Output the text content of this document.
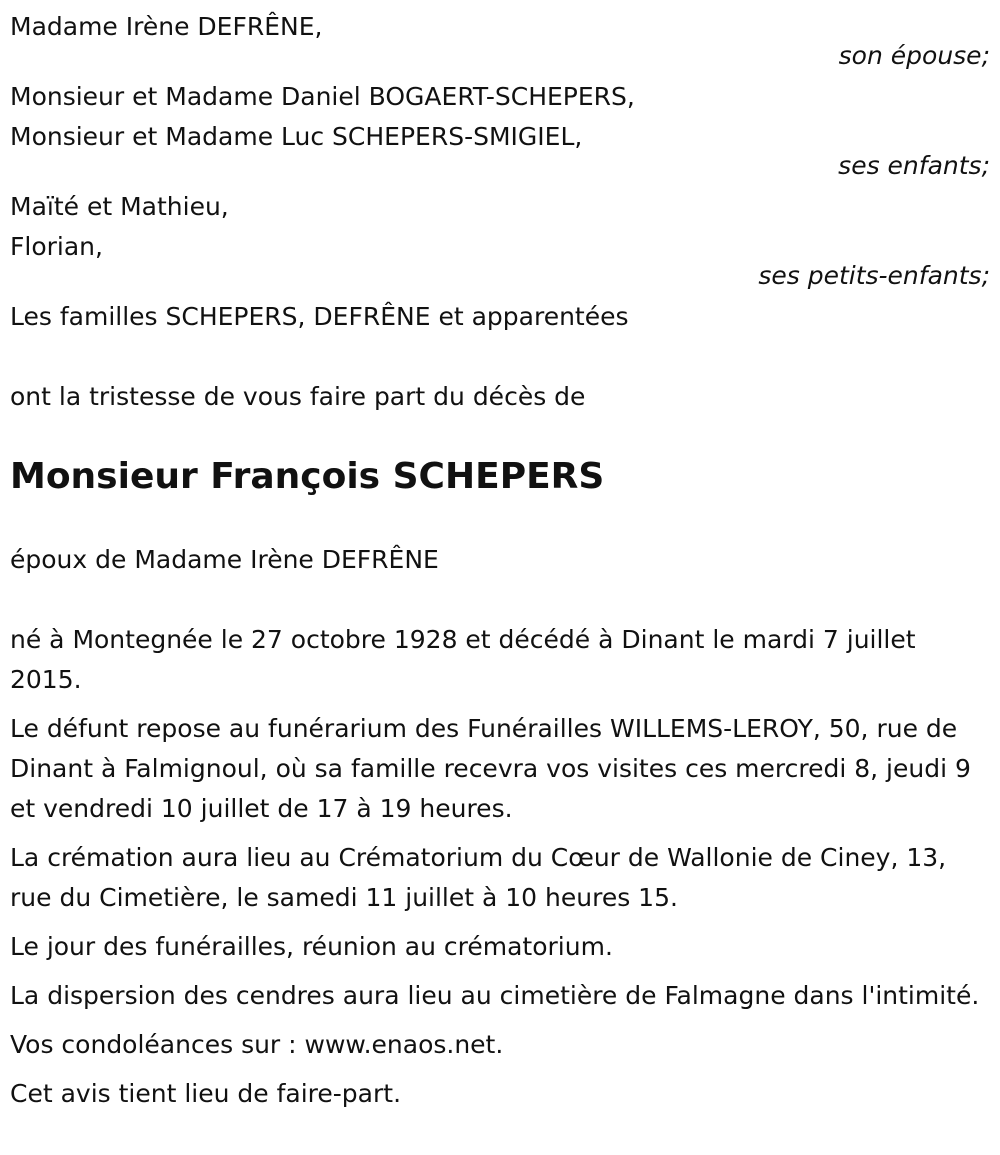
Madame Irène DEFRÊNE,
son épouse;
Monsieur et Madame Daniel BOGAERT-SCHEPERS,
Monsieur et Madame Luc SCHEPERS-SMIGIEL,
ses enfants;
Maïté et Mathieu,
Florian,
ses petits-enfants;
Les familles SCHEPERS, DEFRÊNE et apparentées
ont la tristesse de vous faire part du décès de
Monsieur François SCHEPERS
époux de Madame Irène DEFRÊNE
né à Montegnée le 27 octobre 1928 et décédé à Dinant le mardi 7 juillet 2015.
Le défunt repose au funérarium des Funérailles WILLEMS-LEROY, 50, rue de Dinant à Falmignoul, où sa famille recevra vos visites ces mercredi 8, jeudi 9 et vendredi 10 juillet de 17 à 19 heures.
La crémation aura lieu au Crématorium du Cœur de Wallonie de Ciney, 13, rue du Cimetière, le samedi 11 juillet à 10 heures 15.
Le jour des funérailles, réunion au crématorium.
La dispersion des cendres aura lieu au cimetière de Falmagne dans l'intimité.
Vos condoléances sur : www.enaos.net.
Cet avis tient lieu de faire-part.
